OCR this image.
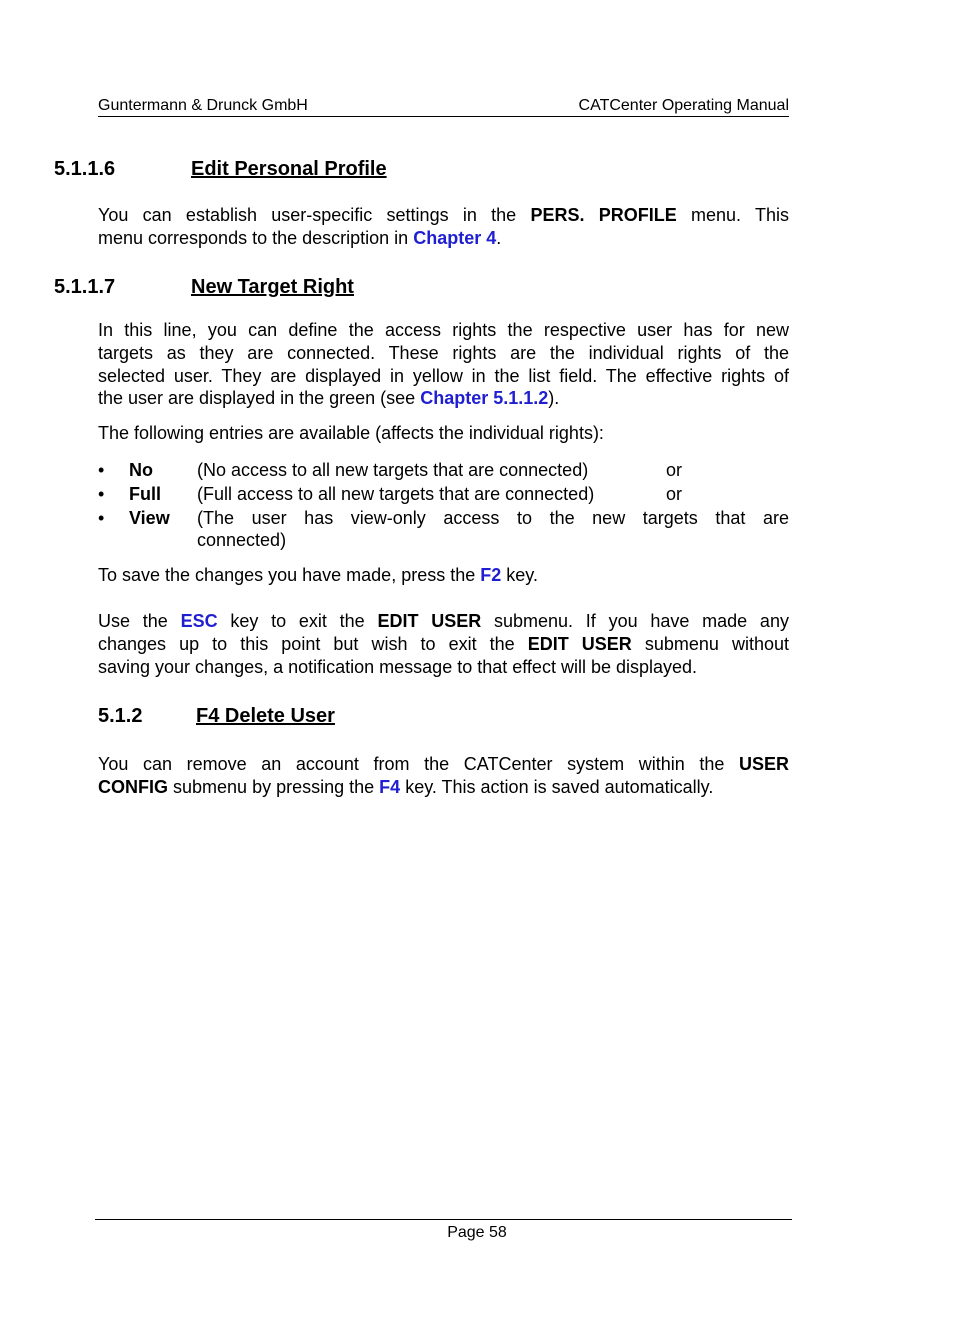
Guntermann & Drunck GmbH	CATCenter Operating Manual
5.1.1.6	Edit Personal Profile
You can establish user-specific settings in the PERS. PROFILE menu. This
menu corresponds to the description in Chapter 4.
5.1.1.7	New Target Right
In this line, you can define the access rights the respective user has for new
targets as they are connected. These rights are the individual rights of the
selected user. They are displayed in yellow in the list field. The effective rights of
the user are displayed in the green (see Chapter 5.1.1.2).
The following entries are available (affects the individual rights):
• No (No access to all new targets that are connected)	or
• Full (Full access to all new targets that are connected)	or
• View (The user has view-only access to the new targets that are
connected)
To save the changes you have made, press the F2 key.
Use the ESC key to exit the EDIT USER submenu. If you have made any
changes up to this point but wish to exit the EDIT USER submenu without
saving your changes, a notification message to that effect will be displayed.
5.1.2	F4 Delete User
You can remove an account from the CATCenter system within the USER
CONFIG submenu by pressing the F4 key. This action is saved automatically.
Page 58
